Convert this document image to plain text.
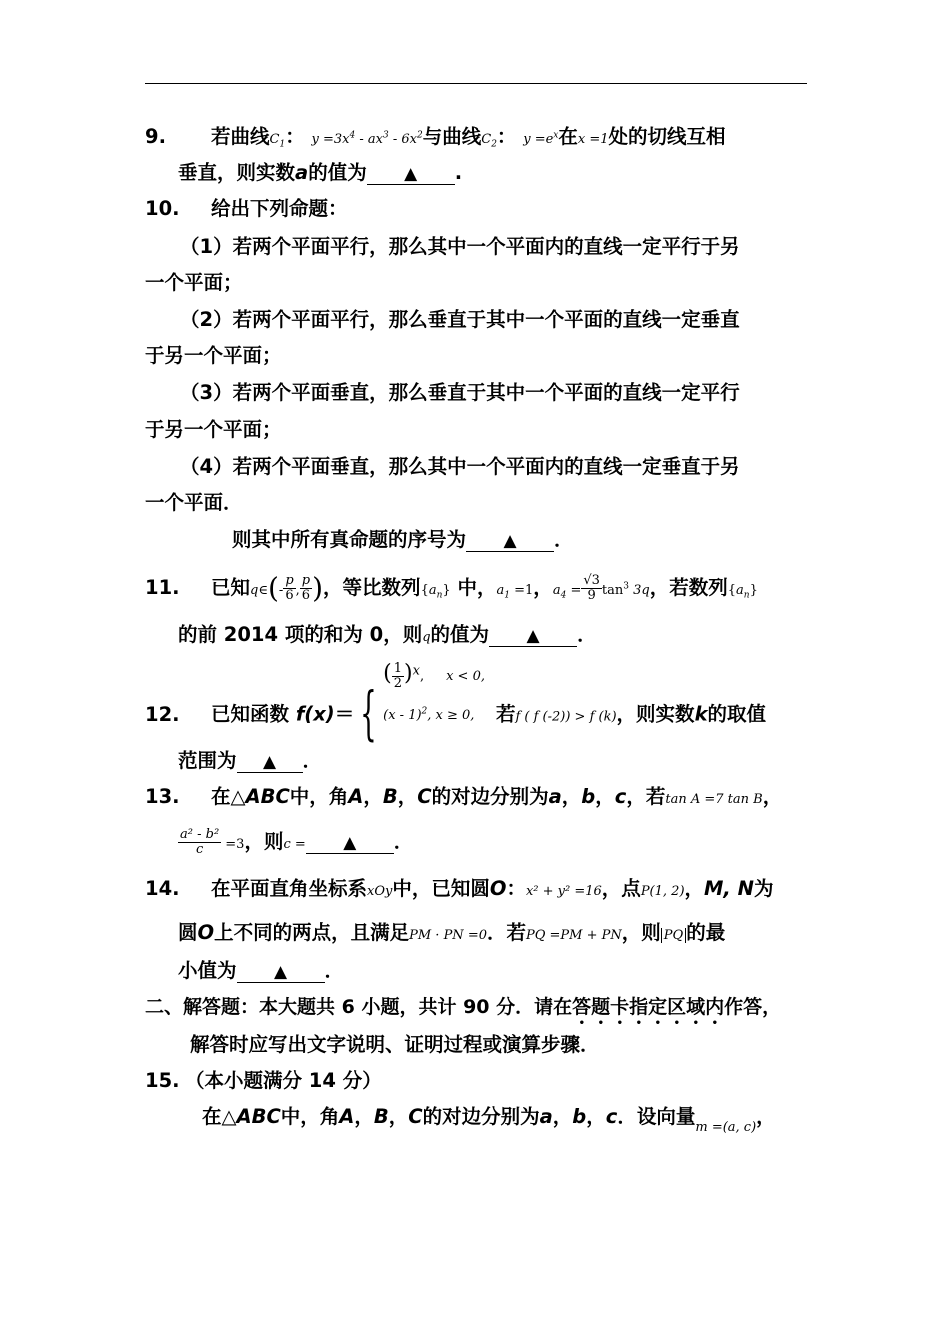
9. 若曲线$C_1$： $y =3x^4 - ax^3 - 6x^2$与曲线$C_2$： $y =e^x$在x =1处的切线互相
垂直，则实数a的值为 ▲ .
10. 给出下列命题：
（1）若两个平面平行，那么其中一个平面内的直线一定平行于另
一个平面；
（2）若两个平面平行，那么垂直于其中一个平面的直线一定垂直
于另一个平面；
（3）若两个平面垂直，那么垂直于其中一个平面的直线一定平行
于另一个平面；
（4）若两个平面垂直，那么其中一个平面内的直线一定垂直于另
一个平面．
则其中所有真命题的序号为 ▲ ．
11. 已知q∈(- $\frac{p}{6}$ , $\frac{p}{6}$ )，等比数列$\{a_n\}$ 中，$a_1 =1$，$a_4 = \frac{√3}{9} \tan^3 3q$，若数列$\{a_n\}$
的前 2014 项的和为 0，则q的值为 ▲ ．
12. 已知函数 f(x)＝ {
( $\frac{1}{2} )^x$, x < 0,
(x - 1)$^2$, x ≥ 0, 若f ( f (-2)) > f (k)，则实数k的取值
范围为 ▲ ．
13. 在△ABC中，角A，B，C的对边分别为a，b，c，若tan A =7 tan B，
$\frac{\text{a² - b²}}{c} =3$，则c = ▲ ．
14. 在平面直角坐标系xOy中，已知圆O：x² + y² =16，点P(1, 2)，M, N为
圆O上不同的两点，且满足PM · PN =0．若PQ =PM + PN，则 PQ 的最
小值为 ▲ ．
二、解答题：本大题共 6 小题，共计 90 分．请在答题卡指定区域内作答，
解答时应写出文字说明、证明过程或演算步骤．
15. （本小题满分 14 分）
在△ABC中，角A，B，C的对边分别为a，b，c．设向量$_{m =(a, c)}$，
